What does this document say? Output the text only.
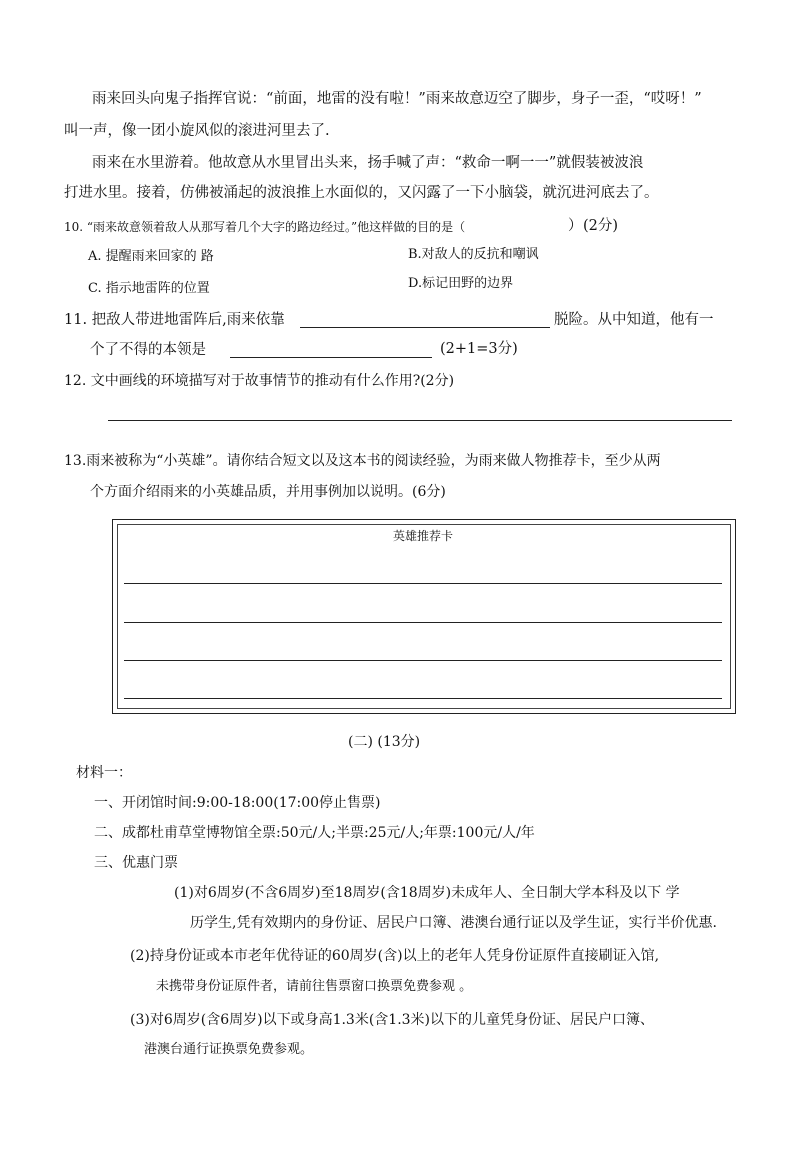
雨来回头向鬼子指挥官说：“前面，地雷的没有啦！”雨来故意迈空了脚步，身子一歪，“哎呀！”
叫一声，像一团小旋风似的滚进河里去了.
雨来在水里游着。他故意从水里冒出头来，扬手喊了声：“救命一啊一一”就假装被波浪
打进水里。接着，仿佛被涌起的波浪推上水面似的，又闪露了一下小脑袋，就沉进河底去了。
10. “雨来故意领着敌人从那写着几个大字的路边经过。”他这样做的目的是（	） (2分)
A. 提醒雨来回家的 路	B.对敌人的反抗和嘲讽
C. 指示地雷阵的位置	D.标记田野的边界
11. 把敌人带进地雷阵后,雨来依靠	脱险。从中知道，他有一
个了不得的本领是	(2+1=3分)
12. 文中画线的环境描写对于故事情节的推动有什么作用?(2分)
13.雨来被称为“小英雄”。请你结合短文以及这本书的阅读经验，为雨来做人物推荐卡，至少从两
个方面介绍雨来的小英雄品质，并用事例加以说明。(6分)
英雄推荐卡
(二) (13分)
材料一：
一、开闭馆时间:9:00-18:00(17:00停止售票)
二、成都杜甫草堂博物馆全票:50元/人;半票:25元/人;年票:100元/人/年
三、优惠门票
(1)对6周岁(不含6周岁)至18周岁(含18周岁)未成年人、全日制大学本科及以下 学
历学生,凭有效期内的身份证、居民户口簿、港澳台通行证以及学生证，实行半价优惠.
(2)持身份证或本市老年优待证的60周岁(含)以上的老年人凭身份证原件直接刷证入馆,
未携带身份证原件者，请前往售票窗口换票免费参观 。
(3)对6周岁(含6周岁)以下或身高1.3米(含1.3米)以下的儿童凭身份证、居民户口簿、
港澳台通行证换票免费参观。
